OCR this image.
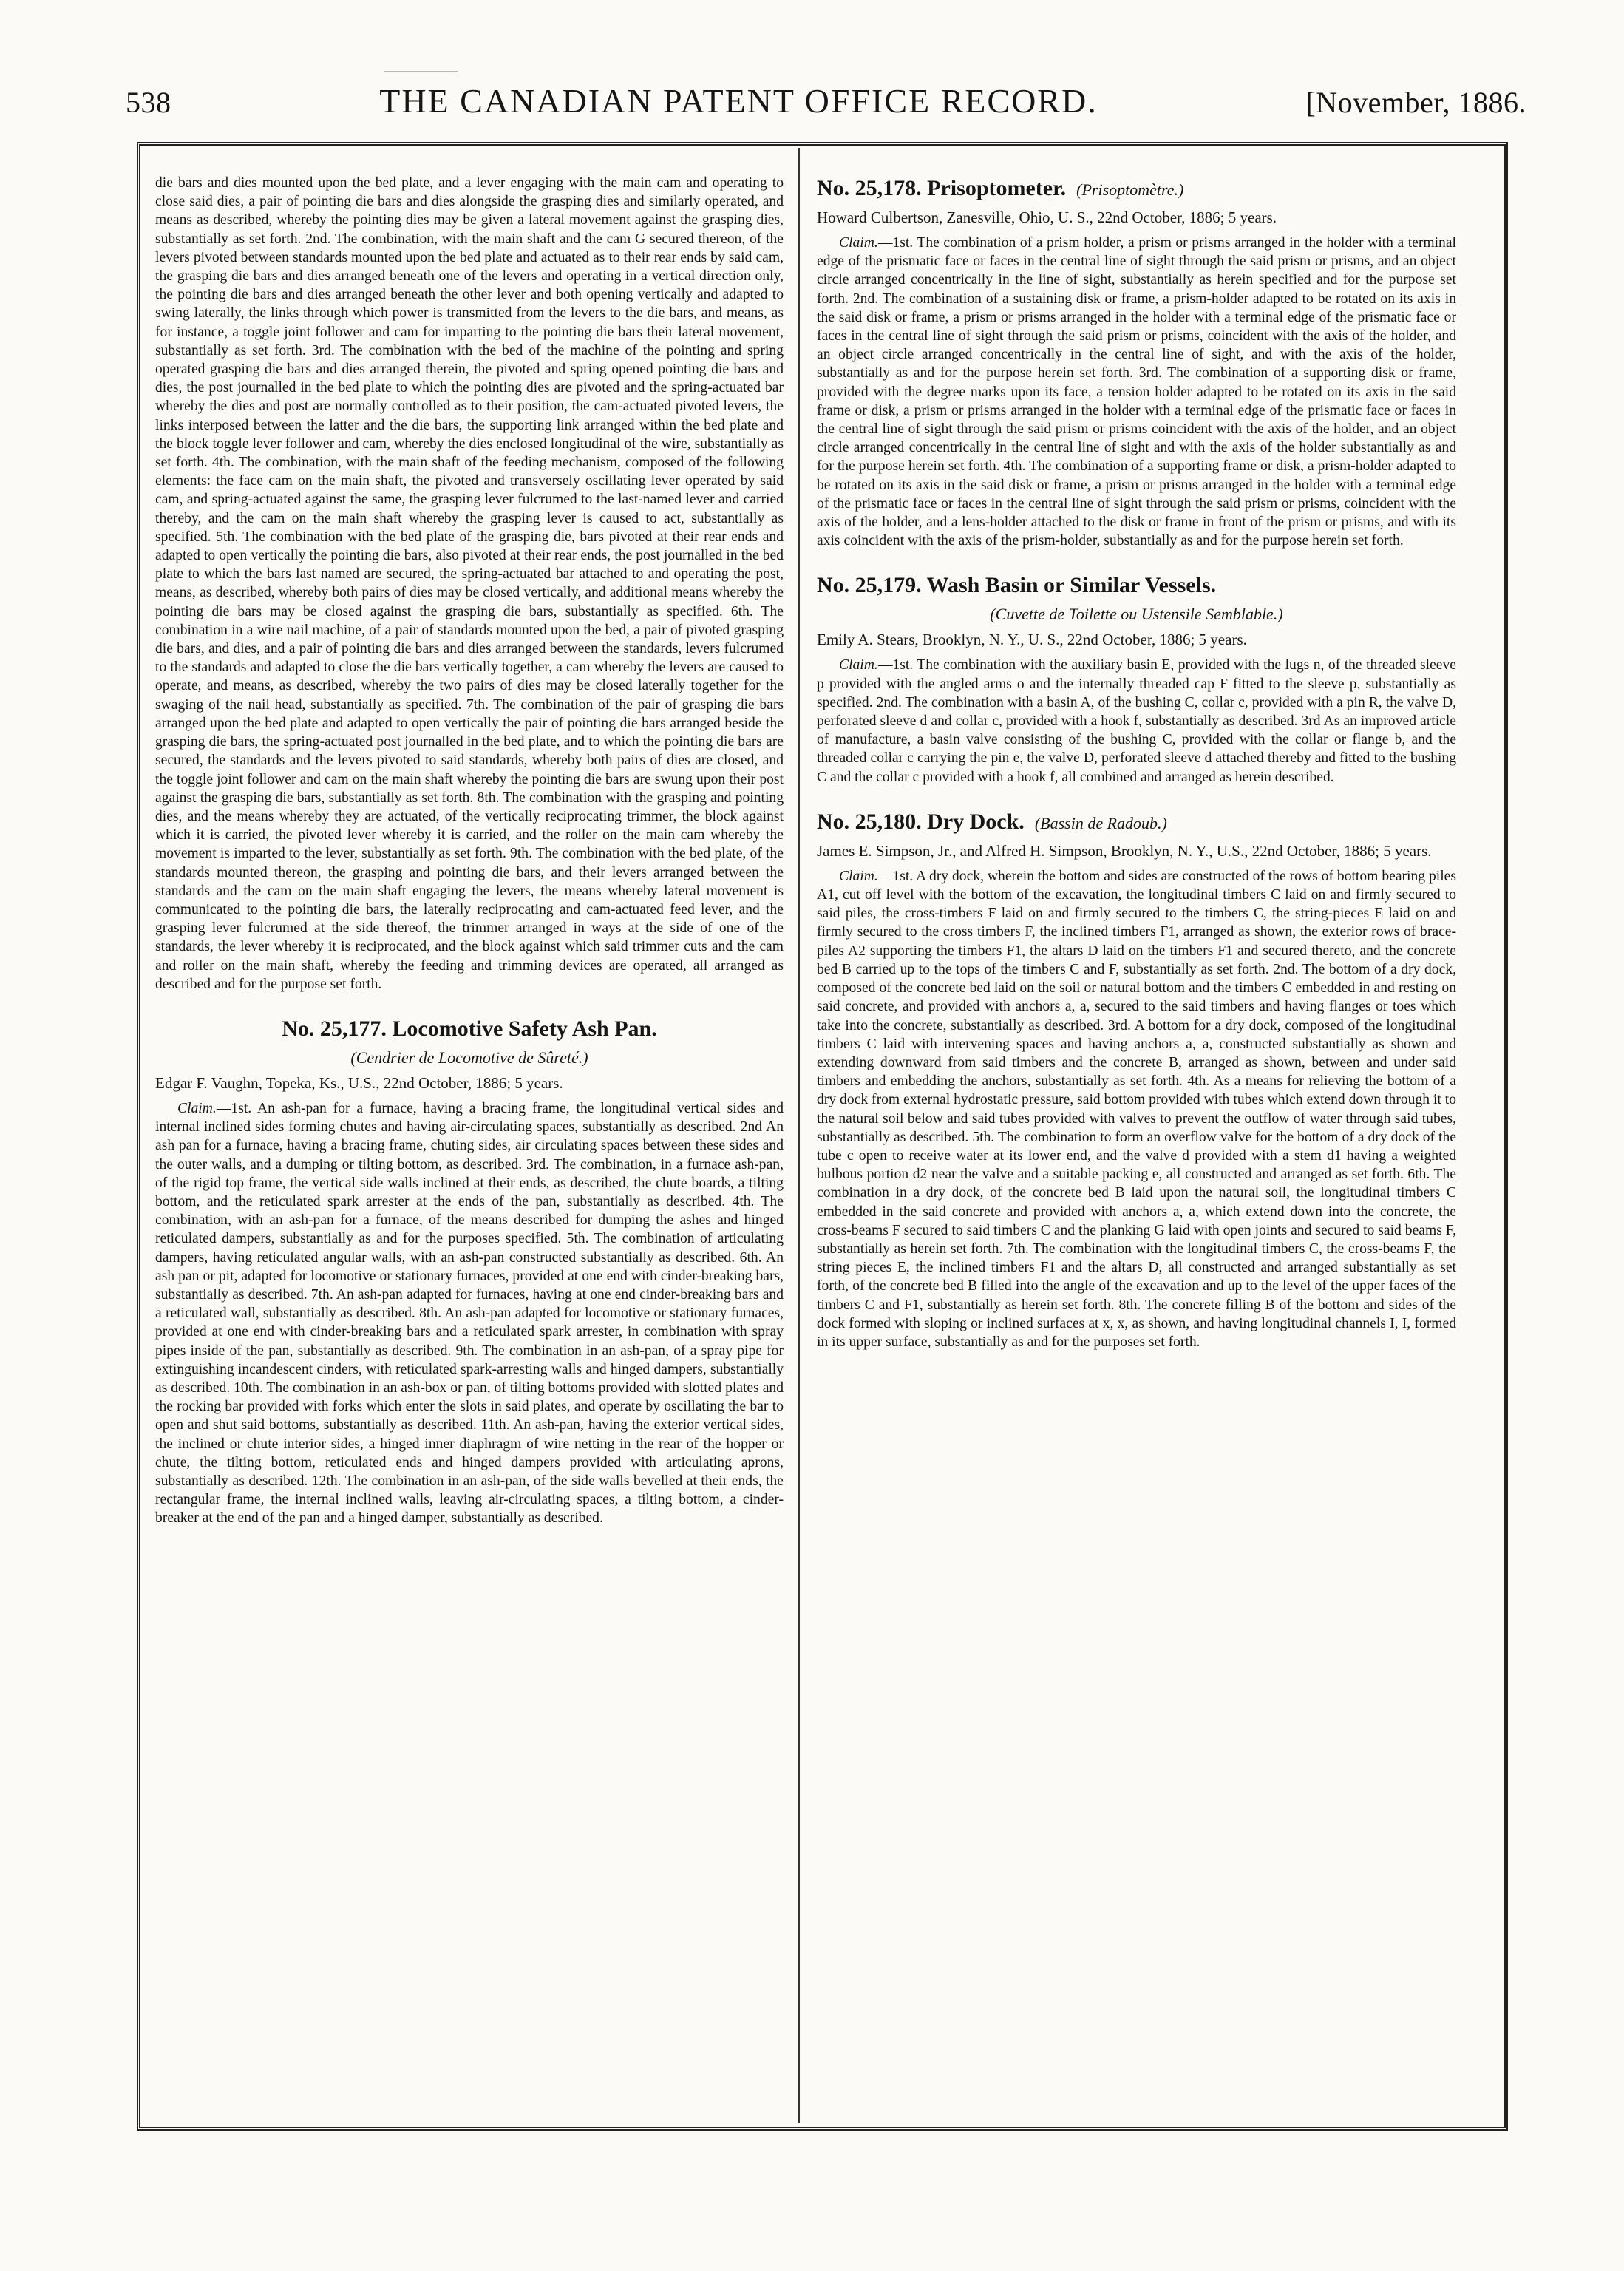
538	THE CANADIAN PATENT OFFICE RECORD.	[November, 1886.

die bars and dies mounted upon the bed plate, and a lever engaging with the main cam and operating to close said dies, a pair of pointing die bars and dies alongside the grasping dies and similarly operated, and means as described, whereby the pointing dies may be given a lateral movement against the grasping dies, substantially as set forth. 2nd. The combination, with the main shaft and the cam G secured thereon, of the levers pivoted between standards mounted upon the bed plate and actuated as to their rear ends by said cam, the grasping die bars and dies arranged beneath one of the levers and operating in a vertical direction only, the pointing die bars and dies arranged beneath the other lever and both opening vertically and adapted to swing laterally, the links through which power is transmitted from the levers to the die bars, and means, as for instance, a toggle joint follower and cam for imparting to the pointing die bars their lateral movement, substantially as set forth. 3rd. The combination with the bed of the machine of the pointing and spring operated grasping die bars and dies arranged therein, the pivoted and spring opened pointing die bars and dies, the post journalled in the bed plate to which the pointing dies are pivoted and the spring-actuated bar whereby the dies and post are normally controlled as to their position, the cam-actuated pivoted levers, the links interposed between the latter and the die bars, the supporting link arranged within the bed plate and the block toggle lever follower and cam, whereby the dies enclosed longitudinal of the wire, substantially as set forth. 4th. The combination, with the main shaft of the feeding mechanism, composed of the following elements: the face cam on the main shaft, the pivoted and transversely oscillating lever operated by said cam, and spring-actuated against the same, the grasping lever fulcrumed to the last-named lever and carried thereby, and the cam on the main shaft whereby the grasping lever is caused to act, substantially as specified. 5th. The combination with the bed plate of the grasping die, bars pivoted at their rear ends and adapted to open vertically the pointing die bars, also pivoted at their rear ends, the post journalled in the bed plate to which the bars last named are secured, the spring-actuated bar attached to and operating the post, means, as described, whereby both pairs of dies may be closed vertically, and additional means whereby the pointing die bars may be closed against the grasping die bars, substantially as specified. 6th. The combination in a wire nail machine, of a pair of standards mounted upon the bed, a pair of pivoted grasping die bars, and dies, and a pair of pointing die bars and dies arranged between the standards, levers fulcrumed to the standards and adapted to close the die bars vertically together, a cam whereby the levers are caused to operate, and means, as described, whereby the two pairs of dies may be closed laterally together for the swaging of the nail head, substantially as specified. 7th. The combination of the pair of grasping die bars arranged upon the bed plate and adapted to open vertically the pair of pointing die bars arranged beside the grasping die bars, the spring-actuated post journalled in the bed plate, and to which the pointing die bars are secured, the standards and the levers pivoted to said standards, whereby both pairs of dies are closed, and the toggle joint follower and cam on the main shaft whereby the pointing die bars are swung upon their post against the grasping die bars, substantially as set forth. 8th. The combination with the grasping and pointing dies, and the means whereby they are actuated, of the vertically reciprocating trimmer, the block against which it is carried, the pivoted lever whereby it is carried, and the roller on the main cam whereby the movement is imparted to the lever, substantially as set forth. 9th. The combination with the bed plate, of the standards mounted thereon, the grasping and pointing die bars, and their levers arranged between the standards and the cam on the main shaft engaging the levers, the means whereby lateral movement is communicated to the pointing die bars, the laterally reciprocating and cam-actuated feed lever, and the grasping lever fulcrumed at the side thereof, the trimmer arranged in ways at the side of one of the standards, the lever whereby it is reciprocated, and the block against which said trimmer cuts and the cam and roller on the main shaft, whereby the feeding and trimming devices are operated, all arranged as described and for the purpose set forth.

No. 25,177. Locomotive Safety Ash Pan.
(Cendrier de Locomotive de Sûreté.)
Edgar F. Vaughn, Topeka, Ks., U.S., 22nd October, 1886; 5 years.

Claim.—1st. An ash-pan for a furnace, having a bracing frame, the longitudinal vertical sides and internal inclined sides forming chutes and having air-circulating spaces, substantially as described. 2nd An ash pan for a furnace, having a bracing frame, chuting sides, air circulating spaces between these sides and the outer walls, and a dumping or tilting bottom, as described. 3rd. The combination, in a furnace ash-pan, of the rigid top frame, the vertical side walls inclined at their ends, as described, the chute boards, a tilting bottom, and the reticulated spark arrester at the ends of the pan, substantially as described. 4th. The combination, with an ash-pan for a furnace, of the means described for dumping the ashes and hinged reticulated dampers, substantially as and for the purposes specified. 5th. The combination of articulating dampers, having reticulated angular walls, with an ash-pan constructed substantially as described. 6th. An ash pan or pit, adapted for locomotive or stationary furnaces, provided at one end with cinder-breaking bars, substantially as described. 7th. An ash-pan adapted for furnaces, having at one end cinder-breaking bars and a reticulated wall, substantially as described. 8th. An ash-pan adapted for locomotive or stationary furnaces, provided at one end with cinder-breaking bars and a reticulated spark arrester, in combination with spray pipes inside of the pan, substantially as described. 9th. The combination in an ash-pan, of a spray pipe for extinguishing incandescent cinders, with reticulated spark-arresting walls and hinged dampers, substantially as described. 10th. The combination in an ash-box or pan, of tilting bottoms provided with slotted plates and the rocking bar provided with forks which enter the slots in said plates, and operate by oscillating the bar to open and shut said bottoms, substantially as described. 11th. An ash-pan, having the exterior vertical sides, the inclined or chute interior sides, a hinged inner diaphragm of wire netting in the rear of the hopper or chute, the tilting bottom, reticulated ends and hinged dampers provided with articulating aprons, substantially as described. 12th. The combination in an ash-pan, of the side walls bevelled at their ends, the rectangular frame, the internal inclined walls, leaving air-circulating spaces, a tilting bottom, a cinder-breaker at the end of the pan and a hinged damper, substantially as described.

No. 25,178. Prisoptometer. (Prisoptomètre.)
Howard Culbertson, Zanesville, Ohio, U. S., 22nd October, 1886; 5 years.

Claim.—1st. The combination of a prism holder, a prism or prisms arranged in the holder with a terminal edge of the prismatic face or faces in the central line of sight through the said prism or prisms, and an object circle arranged concentrically in the line of sight, substantially as herein specified and for the purpose set forth. 2nd. The combination of a sustaining disk or frame, a prism-holder adapted to be rotated on its axis in the said disk or frame, a prism or prisms arranged in the holder with a terminal edge of the prismatic face or faces in the central line of sight through the said prism or prisms, coincident with the axis of the holder, and an object circle arranged concentrically in the central line of sight, and with the axis of the holder, substantially as and for the purpose herein set forth. 3rd. The combination of a supporting disk or frame, provided with the degree marks upon its face, a tension holder adapted to be rotated on its axis in the said frame or disk, a prism or prisms arranged in the holder with a terminal edge of the prismatic face or faces in the central line of sight through the said prism or prisms coincident with the axis of the holder, and an object circle arranged concentrically in the central line of sight and with the axis of the holder substantially as and for the purpose herein set forth. 4th. The combination of a supporting frame or disk, a prism-holder adapted to be rotated on its axis in the said disk or frame, a prism or prisms arranged in the holder with a terminal edge of the prismatic face or faces in the central line of sight through the said prism or prisms, coincident with the axis of the holder, and a lens-holder attached to the disk or frame in front of the prism or prisms, and with its axis coincident with the axis of the prism-holder, substantially as and for the purpose herein set forth.

No. 25,179. Wash Basin or Similar Vessels.
(Cuvette de Toilette ou Ustensile Semblable.)
Emily A. Stears, Brooklyn, N. Y., U. S., 22nd October, 1886; 5 years.

Claim.—1st. The combination with the auxiliary basin E, provided with the lugs n, of the threaded sleeve p provided with the angled arms o and the internally threaded cap F fitted to the sleeve p, substantially as specified. 2nd. The combination with a basin A, of the bushing C, collar c, provided with a pin R, the valve D, perforated sleeve d and collar c, provided with a hook f, substantially as described. 3rd As an improved article of manufacture, a basin valve consisting of the bushing C, provided with the collar or flange b, and the threaded collar c carrying the pin e, the valve D, perforated sleeve d attached thereby and fitted to the bushing C and the collar c provided with a hook f, all combined and arranged as herein described.

No. 25,180. Dry Dock. (Bassin de Radoub.)
James E. Simpson, Jr., and Alfred H. Simpson, Brooklyn, N. Y., U.S., 22nd October, 1886; 5 years.

Claim.—1st. A dry dock, wherein the bottom and sides are constructed of the rows of bottom bearing piles A1, cut off level with the bottom of the excavation, the longitudinal timbers C laid on and firmly secured to said piles, the cross-timbers F laid on and firmly secured to the timbers C, the string-pieces E laid on and firmly secured to the cross timbers F, the inclined timbers F1, arranged as shown, the exterior rows of brace-piles A2 supporting the timbers F1, the altars D laid on the timbers F1 and secured thereto, and the concrete bed B carried up to the tops of the timbers C and F, substantially as set forth. 2nd. The bottom of a dry dock, composed of the concrete bed laid on the soil or natural bottom and the timbers C embedded in and resting on said concrete, and provided with anchors a, a, secured to the said timbers and having flanges or toes which take into the concrete, substantially as described. 3rd. A bottom for a dry dock, composed of the longitudinal timbers C laid with intervening spaces and having anchors a, a, constructed substantially as shown and extending downward from said timbers and the concrete B, arranged as shown, between and under said timbers and embedding the anchors, substantially as set forth. 4th. As a means for relieving the bottom of a dry dock from external hydrostatic pressure, said bottom provided with tubes which extend down through it to the natural soil below and said tubes provided with valves to prevent the outflow of water through said tubes, substantially as described. 5th. The combination to form an overflow valve for the bottom of a dry dock of the tube c open to receive water at its lower end, and the valve d provided with a stem d1 having a weighted bulbous portion d2 near the valve and a suitable packing e, all constructed and arranged as set forth. 6th. The combination in a dry dock, of the concrete bed B laid upon the natural soil, the longitudinal timbers C embedded in the said concrete and provided with anchors a, a, which extend down into the concrete, the cross-beams F secured to said timbers C and the planking G laid with open joints and secured to said beams F, substantially as herein set forth. 7th. The combination with the longitudinal timbers C, the cross-beams F, the string pieces E, the inclined timbers F1 and the altars D, all constructed and arranged substantially as set forth, of the concrete bed B filled into the angle of the excavation and up to the level of the upper faces of the timbers C and F1, substantially as herein set forth. 8th. The concrete filling B of the bottom and sides of the dock formed with sloping or inclined surfaces at x, x, as shown, and having longitudinal channels I, I, formed in its upper surface, substantially as and for the purposes set forth.
